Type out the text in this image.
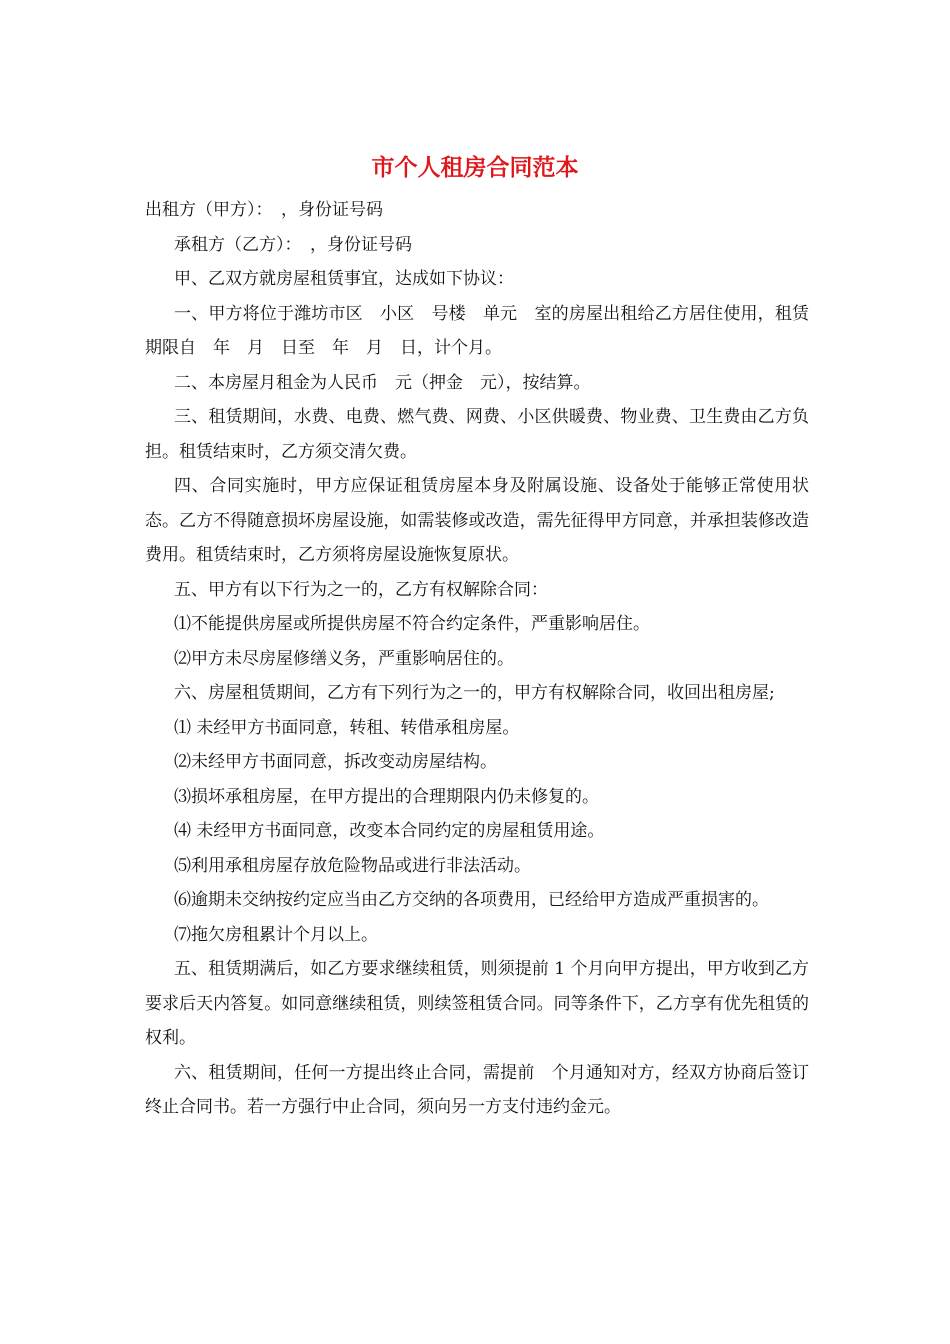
市个人租房合同范本

出租方（甲方）：　，身份证号码

承租方（乙方）：　，身份证号码

甲、乙双方就房屋租赁事宜，达成如下协议：

一、甲方将位于潍坊市区　小区　号楼　单元　室的房屋出租给乙方居住使用，租赁期限自　年　月　日至　年　月　日，计个月。

二、本房屋月租金为人民币　元（押金　元），按结算。

三、租赁期间，水费、电费、燃气费、网费、小区供暖费、物业费、卫生费由乙方负担。租赁结束时，乙方须交清欠费。

四、合同实施时，甲方应保证租赁房屋本身及附属设施、设备处于能够正常使用状态。乙方不得随意损坏房屋设施，如需装修或改造，需先征得甲方同意，并承担装修改造费用。租赁结束时，乙方须将房屋设施恢复原状。

五、甲方有以下行为之一的，乙方有权解除合同：

⑴不能提供房屋或所提供房屋不符合约定条件，严重影响居住。

⑵甲方未尽房屋修缮义务，严重影响居住的。

六、房屋租赁期间，乙方有下列行为之一的，甲方有权解除合同，收回出租房屋;

⑴ 未经甲方书面同意，转租、转借承租房屋。

⑵未经甲方书面同意，拆改变动房屋结构。

⑶损坏承租房屋，在甲方提出的合理期限内仍未修复的。

⑷ 未经甲方书面同意，改变本合同约定的房屋租赁用途。

⑸利用承租房屋存放危险物品或进行非法活动。

⑹逾期未交纳按约定应当由乙方交纳的各项费用，已经给甲方造成严重损害的。

⑺拖欠房租累计个月以上。

五、租赁期满后，如乙方要求继续租赁，则须提前 1 个月向甲方提出，甲方收到乙方要求后天内答复。如同意继续租赁，则续签租赁合同。同等条件下，乙方享有优先租赁的权利。

六、租赁期间，任何一方提出终止合同，需提前　个月通知对方，经双方协商后签订终止合同书。若一方强行中止合同，须向另一方支付违约金元。
